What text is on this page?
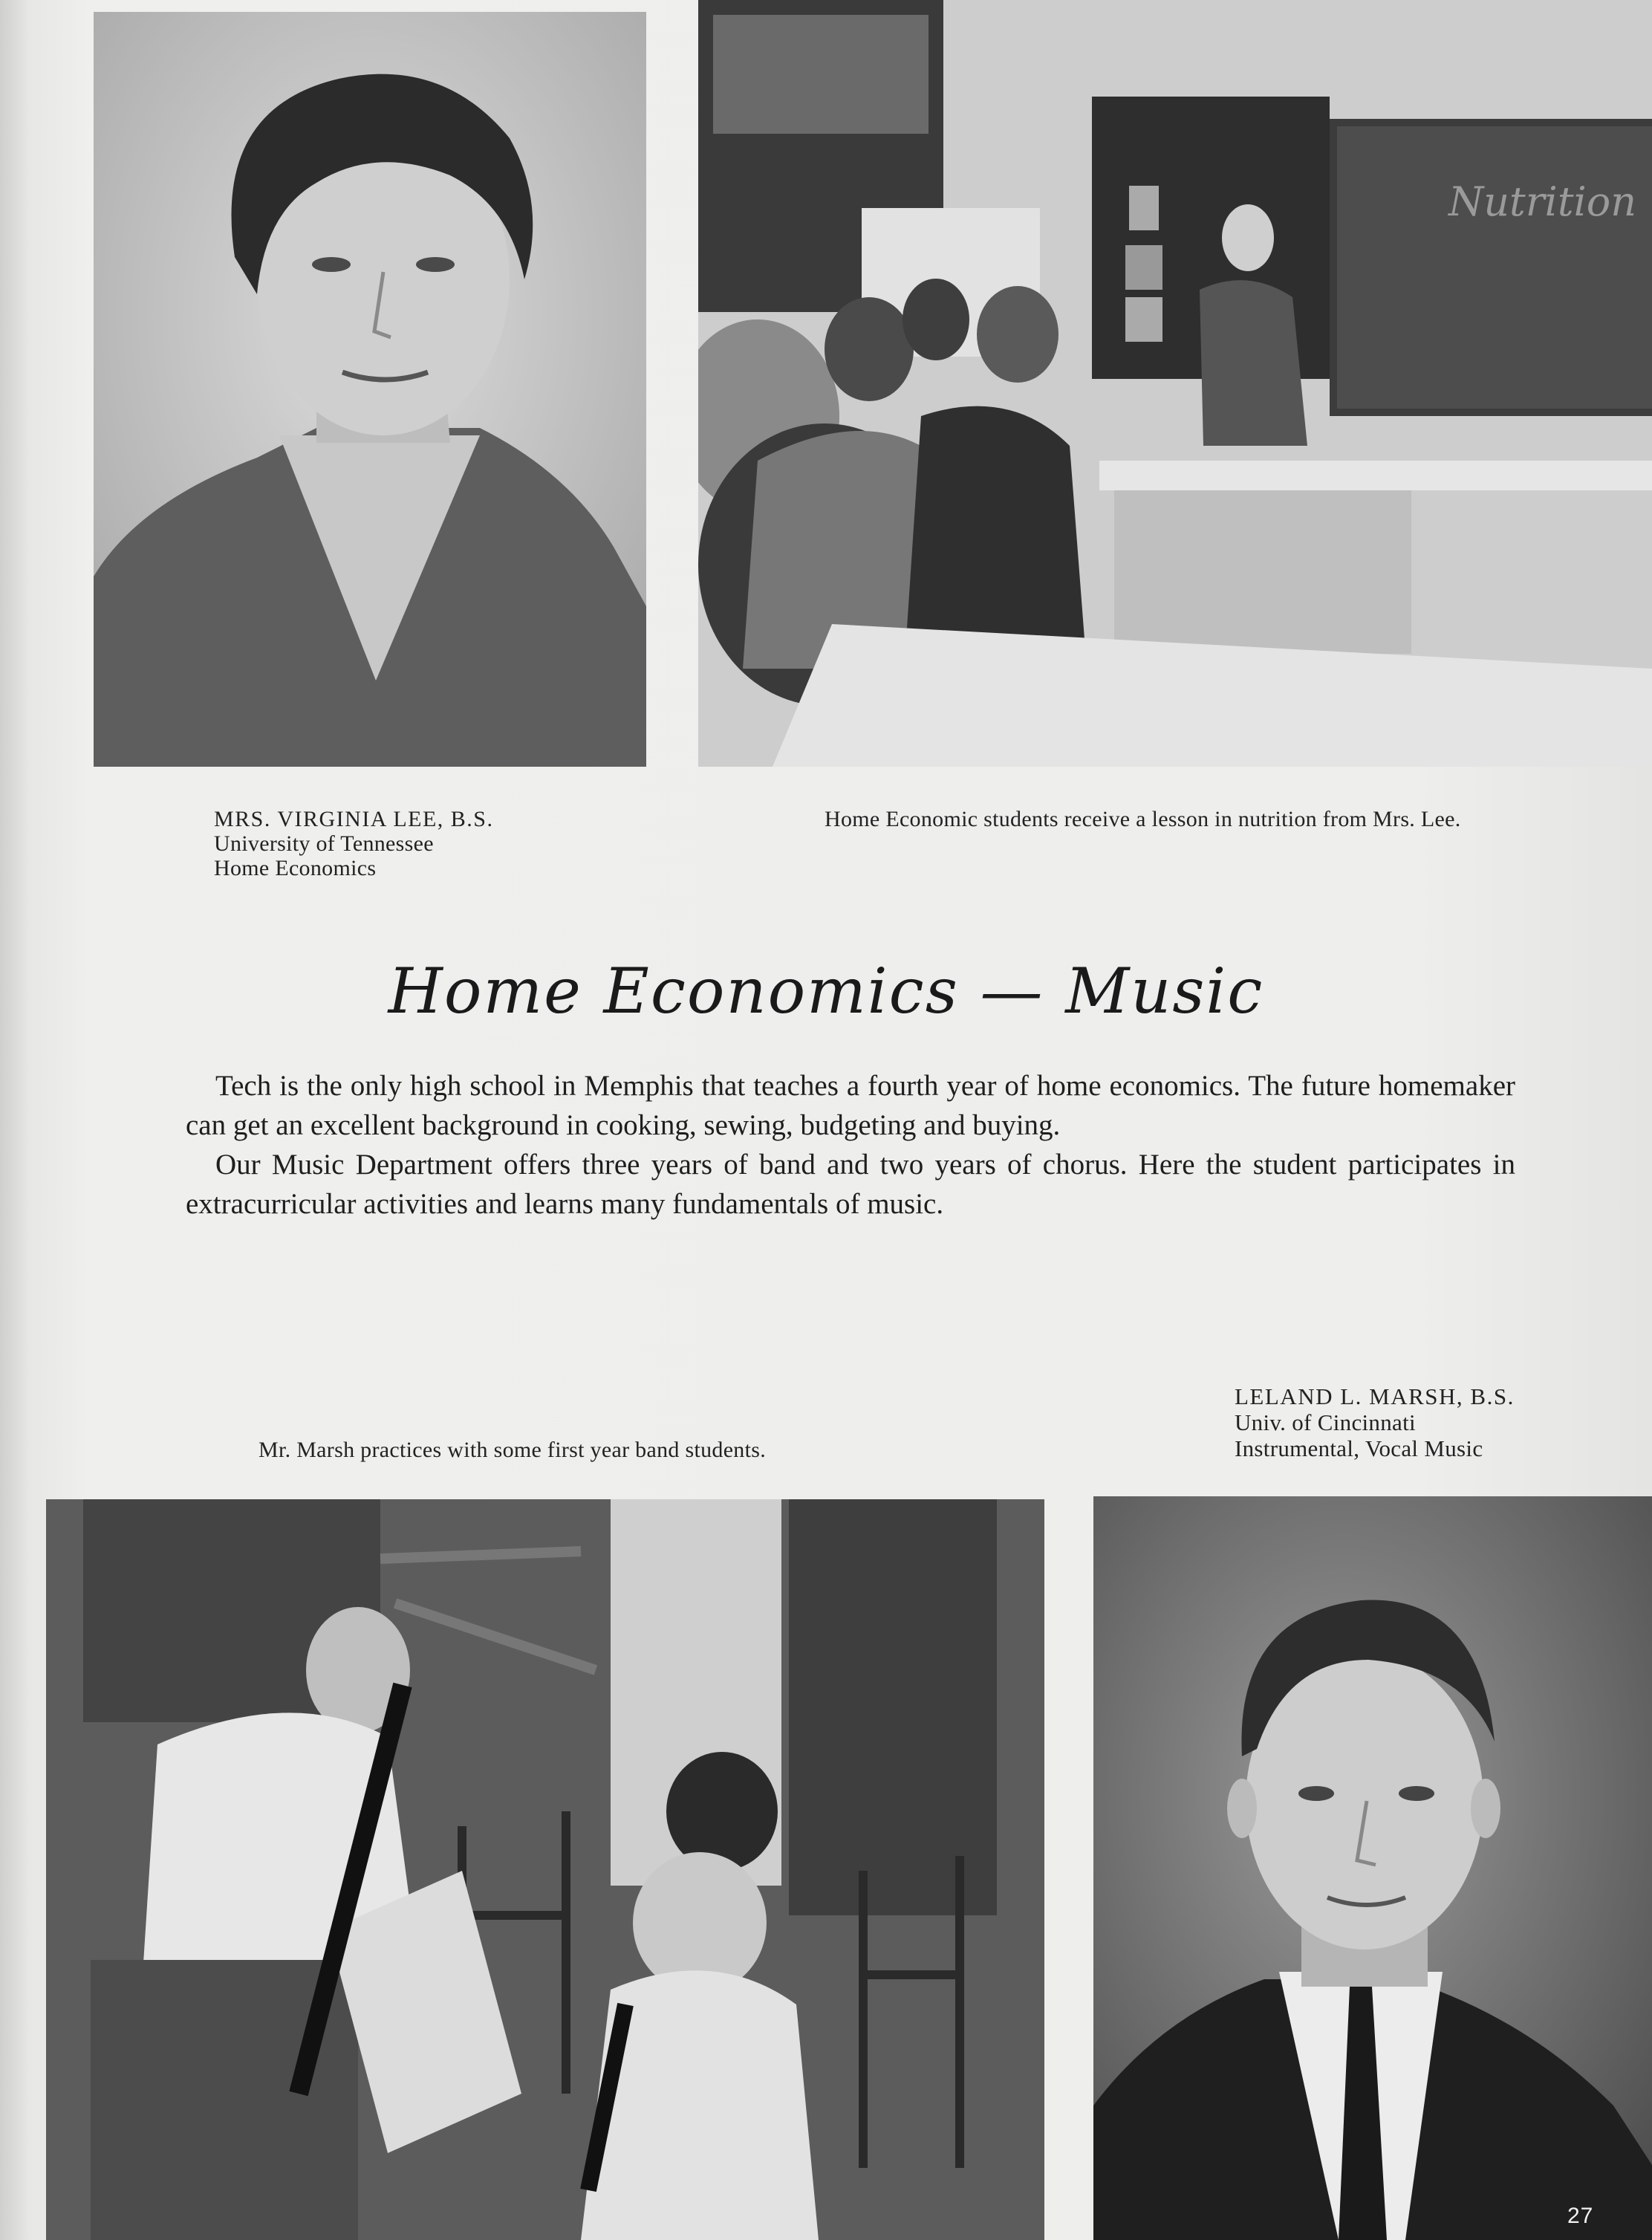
Nutrition
MRS. VIRGINIA LEE, B.S.
University of Tennessee
Home Economics
Home Economic students receive a lesson in nutrition from Mrs. Lee.
Home Economics — Music

Tech is the only high school in Memphis that teaches a fourth year of home economics. The future homemaker can get an excellent background in cooking, sewing, budgeting and buying.

Our Music Department offers three years of band and two years of chorus. Here the student participates in extracurricular activities and learns many fundamentals of music.

Mr. Marsh practices with some first year band students.
LELAND L. MARSH, B.S.
Univ. of Cincinnati
Instrumental, Vocal Music
27
